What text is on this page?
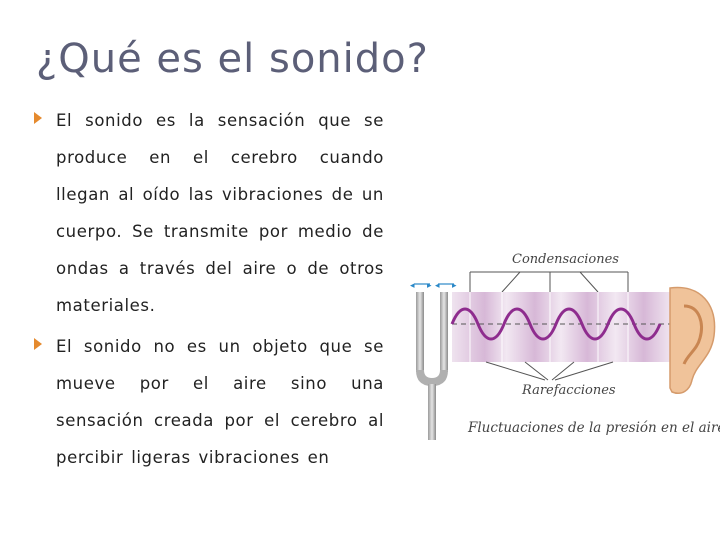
¿Qué es el sonido?
El sonido es la sensación que se produce en el cerebro cuando llegan al oído las vibraciones de un cuerpo. Se transmite por medio de ondas a través del aire o de otros materiales.
El sonido no es un objeto que se mueve por el aire sino una sensación creada por el cerebro al percibir ligeras vibraciones en
Condensaciones
◂ ▸ ◂ ▸
Rarefacciones
Fluctuaciones de la presión en el aire
